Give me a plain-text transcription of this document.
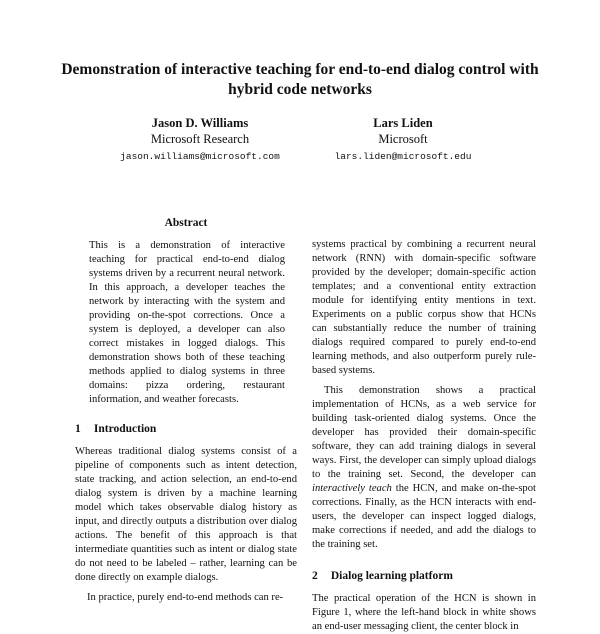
Demonstration of interactive teaching for end-to-end dialog control with
hybrid code networks
Jason D. Williams
Microsoft Research
jason.williams@microsoft.com
Lars Liden
Microsoft
lars.liden@microsoft.edu
Abstract

This is a demonstration of interactive teaching for practical end-to-end dialog systems driven by a recurrent neural network. In this approach, a developer teaches the network by interacting with the system and providing on-the-spot corrections. Once a system is deployed, a developer can also correct mistakes in logged dialogs. This demonstration shows both of these teaching methods applied to dialog systems in three domains: pizza ordering, restaurant information, and weather forecasts.

1 Introduction

Whereas traditional dialog systems consist of a pipeline of components such as intent detection, state tracking, and action selection, an end-to-end dialog system is driven by a machine learning model which takes observable dialog history as input, and directly outputs a distribution over dialog actions. The benefit of this approach is that intermediate quantities such as intent or dialog state do not need to be labeled – rather, learning can be done directly on example dialogs.

In practice, purely end-to-end methods can re-

systems practical by combining a recurrent neural network (RNN) with domain-specific software provided by the developer; domain-specific action templates; and a conventional entity extraction module for identifying entity mentions in text. Experiments on a public corpus show that HCNs can substantially reduce the number of training dialogs required compared to purely end-to-end learning methods, and also outperform purely rule-based systems.

This demonstration shows a practical implementation of HCNs, as a web service for building task-oriented dialog systems. Once the developer has provided their domain-specific software, they can add training dialogs in several ways. First, the developer can simply upload dialogs to the training set. Second, the developer can interactively teach the HCN, and make on-the-spot corrections. Finally, as the HCN interacts with end-users, the developer can inspect logged dialogs, make corrections if needed, and add the dialogs to the training set.

2 Dialog learning platform

The practical operation of the HCN is shown in Figure 1, where the left-hand block in white shows an end-user messaging client, the center block in
